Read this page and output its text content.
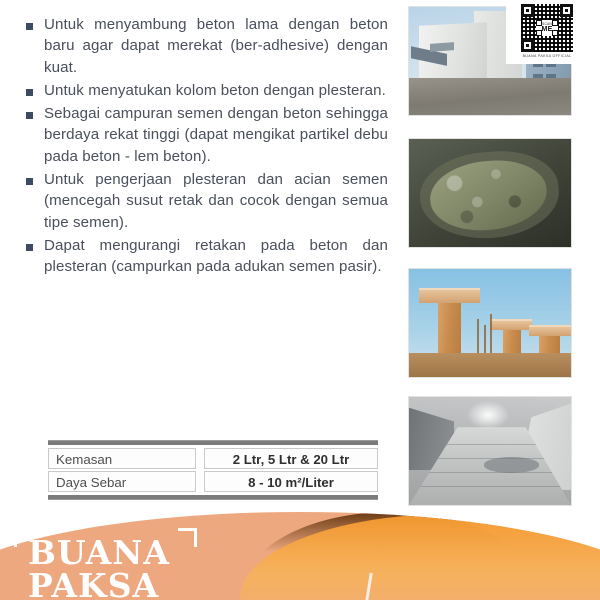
Untuk menyambung beton lama dengan beton baru agar dapat merekat (ber-adhesive) dengan kuat.
Untuk menyatukan kolom beton dengan plesteran.
Sebagai campuran semen dengan beton sehingga berdaya rekat tinggi (dapat mengikat partikel debu pada beton - lem beton).
Untuk pengerjaan plesteran dan acian semen (mencegah susut retak dan cocok dengan semua tipe semen).
Dapat mengurangi retakan pada beton dan plesteran (campurkan pada adukan semen pasir).
Kemasan	2 Ltr, 5 Ltr & 20 Ltr
Daya Sebar	8 - 10 m²/Liter
SCAN
ME
BUANA PAKSA OFFICIAL
BUANA
PAKSA
